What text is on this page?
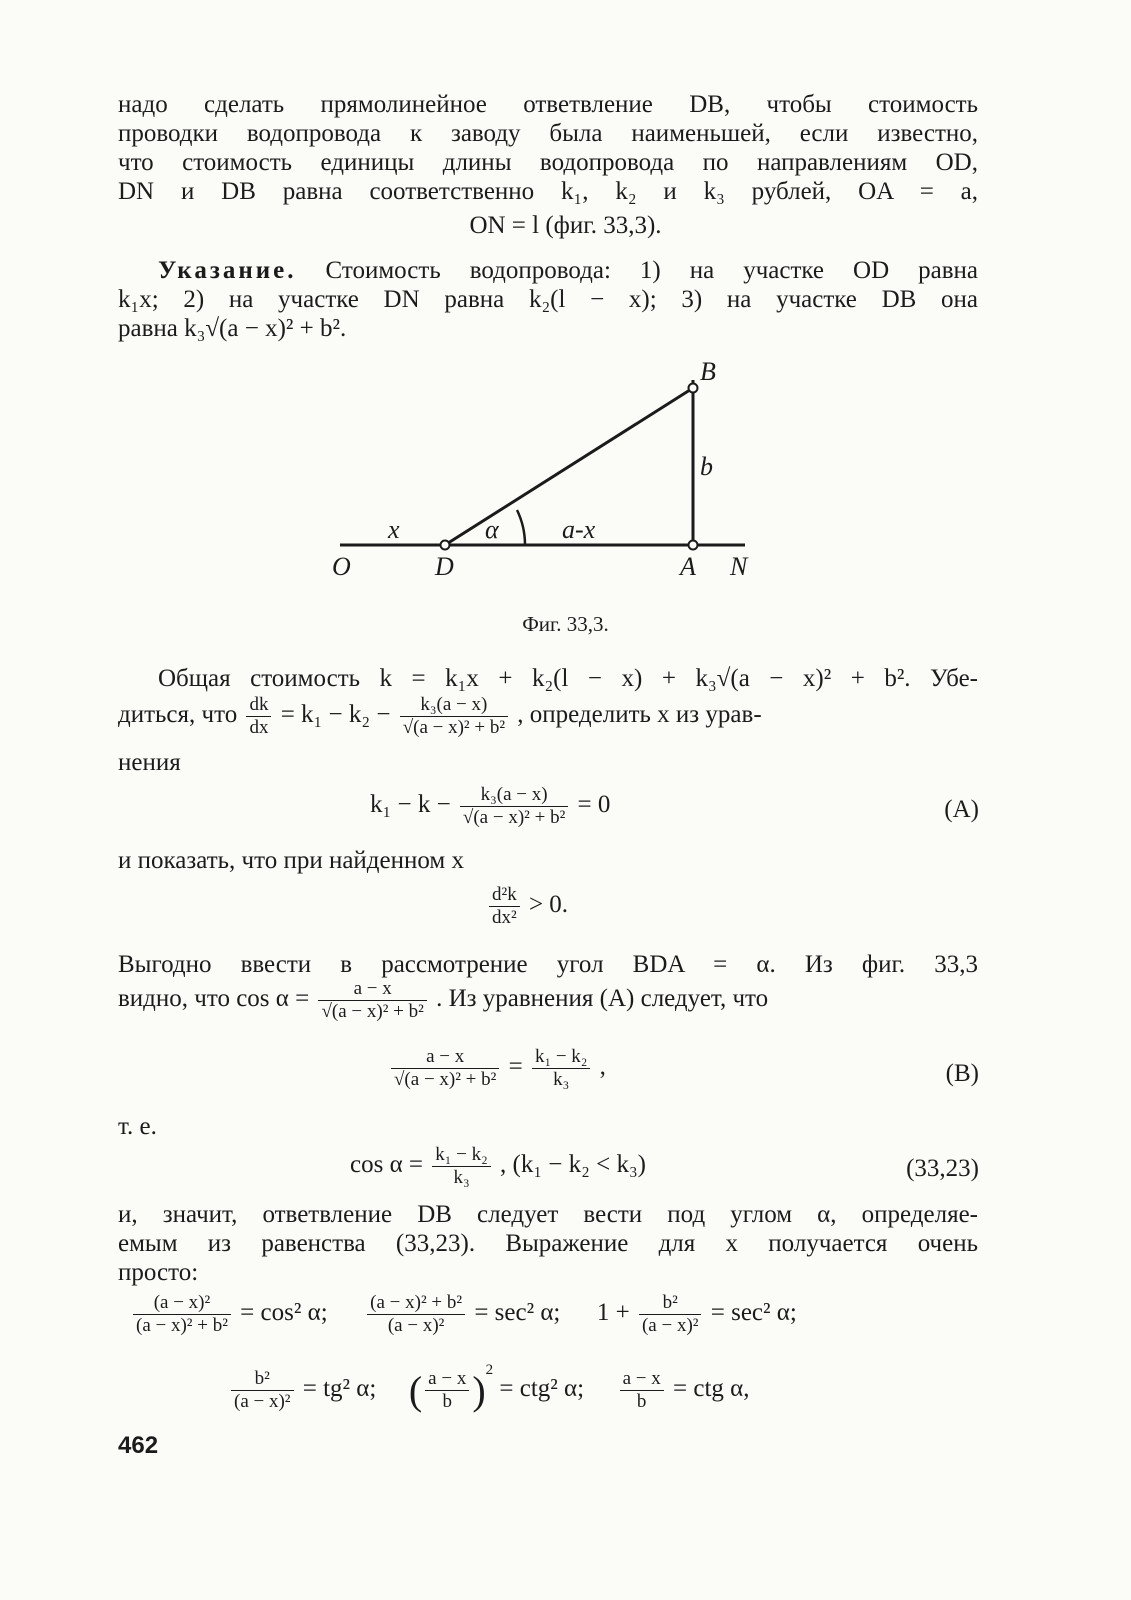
надо сделать прямолинейное ответвление DB, чтобы стоимость
проводки водопровода к заводу была наименьшей, если известно,
что стоимость единицы длины водопровода по направлениям OD,
DN и DB равна соответственно k₁, k₂ и k₃ рублей, OA = a,
ON = l (фиг. 33,3).
Указание. Стоимость водопровода: 1) на участке OD равна
k₁x; 2) на участке DN равна k₂(l − x); 3) на участке DB она
равна k₃√(a − x)² + b².
B
b
x	α a-x
O	D	A N
Фиг. 33,3.
Общая стоимость k = k₁x + k₂(l − x) + k₃√(a − x)² + b². Убе-
диться, что $\frac{dk}{dx} = k_1 - k_2 - \frac{\text{k₃(a − x)}}{\text{√(a − x)² + b²}}$ , определить x из урав-
нения
$k_1 - k - \frac{\text{k₃(a − x)}}{\text{√(a − x)² + b²}} = 0$	(A)
и показать, что при найденном x
$\frac{\text{d²k}}{\text{dx²}} > 0$.
Выгодно ввести в рассмотрение угол BDA = α. Из фиг. 33,3
видно, что $\cos \alpha = \frac{a - x}{\text{√(a − x)² + b²}}$ . Из уравнения (A) следует, что
$\frac{a - x}{\text{√(a − x)² + b²}} = \frac{\text{k₁ − k₂}}{\text{k₃}}$ ,	(B)
т. е.
$\cos \alpha = \frac{\text{k₁ − k₂}}{\text{k₃}}$ , (k₁ − k₂ < k₃)	(33,23)
и, значит, ответвление DB следует вести под углом α, определяе-
емым из равенства (33,23). Выражение для x получается очень
просто:
$\frac{\text{(a − x)²}}{\text{(a − x)² + b²}} = \cos^2$ α; $\frac{\text{(a − x)² + b²}}{\text{(a − x)²}} = \sec^2$ α; $1 + \frac{\text{b²}}{\text{(a − x)²}} = \sec^2$ α;
$\frac{\text{b²}}{\text{(a − x)²}} = tg^2$ α; ( $\frac{a - x}{b} )^2 = ctg^2$ α; $\frac{a - x}{b}$ = ctg α,
462
